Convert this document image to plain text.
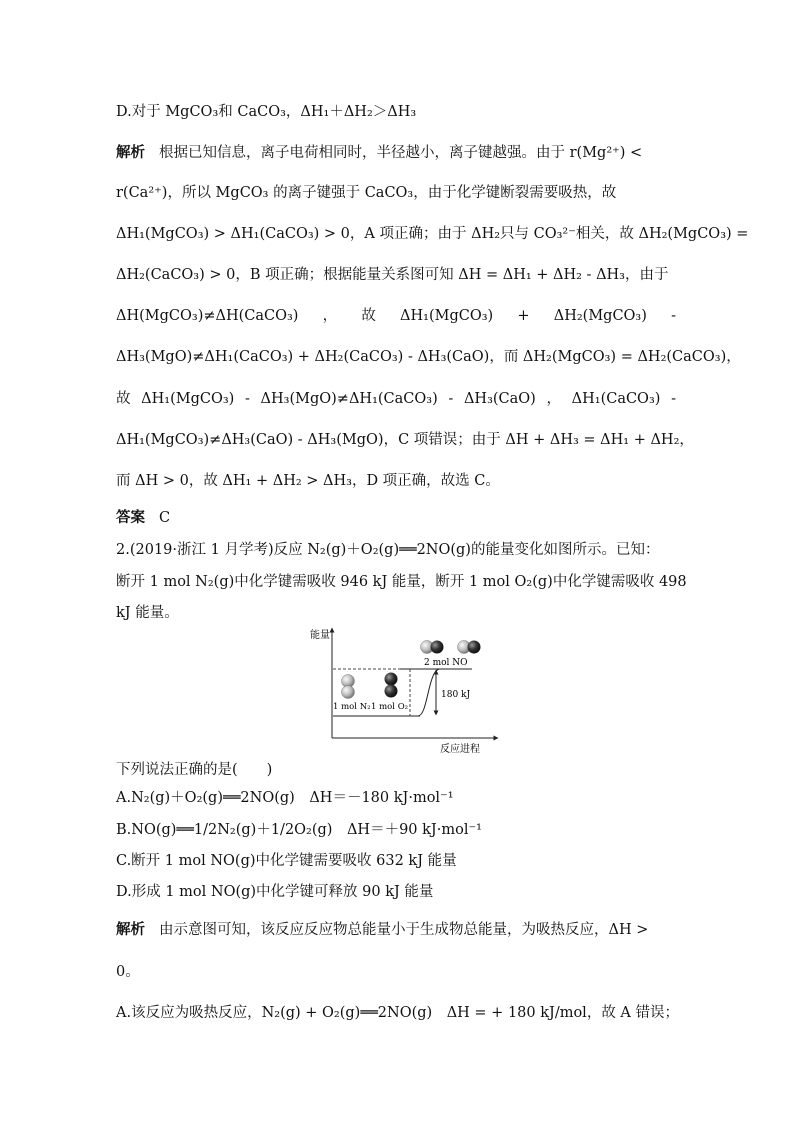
D.对于 MgCO₃和 CaCO₃，ΔH₁＋ΔH₂＞ΔH₃
解析 根据已知信息，离子电荷相同时，半径越小，离子键越强。由于 r(Mg²⁺) <
r(Ca²⁺)，所以 MgCO₃ 的离子键强于 CaCO₃，由于化学键断裂需要吸热，故
ΔH₁(MgCO₃) > ΔH₁(CaCO₃) > 0，A 项正确；由于 ΔH₂只与 CO₃²⁻相关，故 ΔH₂(MgCO₃) =
ΔH₂(CaCO₃) > 0，B 项正确；根据能量关系图可知 ΔH = ΔH₁ + ΔH₂ - ΔH₃，由于
ΔH(MgCO₃)≠ΔH(CaCO₃) ， 故 ΔH₁(MgCO₃) + ΔH₂(MgCO₃) -
ΔH₃(MgO)≠ΔH₁(CaCO₃) + ΔH₂(CaCO₃) - ΔH₃(CaO)，而 ΔH₂(MgCO₃) = ΔH₂(CaCO₃)，
故 ΔH₁(MgCO₃) - ΔH₃(MgO)≠ΔH₁(CaCO₃) - ΔH₃(CaO) ， ΔH₁(CaCO₃) -
ΔH₁(MgCO₃)≠ΔH₃(CaO) - ΔH₃(MgO)，C 项错误；由于 ΔH + ΔH₃ = ΔH₁ + ΔH₂，
而 ΔH > 0，故 ΔH₁ + ΔH₂ > ΔH₃，D 项正确，故选 C。
答案 C
2.(2019·浙江 1 月学考)反应 N₂(g)＋O₂(g)══2NO(g)的能量变化如图所示。已知：
断开 1 mol N₂(g)中化学键需吸收 946 kJ 能量，断开 1 mol O₂(g)中化学键需吸收 498
kJ 能量。
能量
反应进程
180 kJ
1 mol N₂ 1 mol O₂
2 mol NO
下列说法正确的是(　　)
A.N₂(g)＋O₂(g)══2NO(g)　ΔH＝－180 kJ·mol⁻¹
B.NO(g)══1/2N₂(g)＋1/2O₂(g)　ΔH＝＋90 kJ·mol⁻¹
C.断开 1 mol NO(g)中化学键需要吸收 632 kJ 能量
D.形成 1 mol NO(g)中化学键可释放 90 kJ 能量
解析 由示意图可知，该反应反应物总能量小于生成物总能量，为吸热反应，ΔH >
0。
A.该反应为吸热反应，N₂(g) + O₂(g)══2NO(g)　ΔH = + 180 kJ/mol，故 A 错误；
